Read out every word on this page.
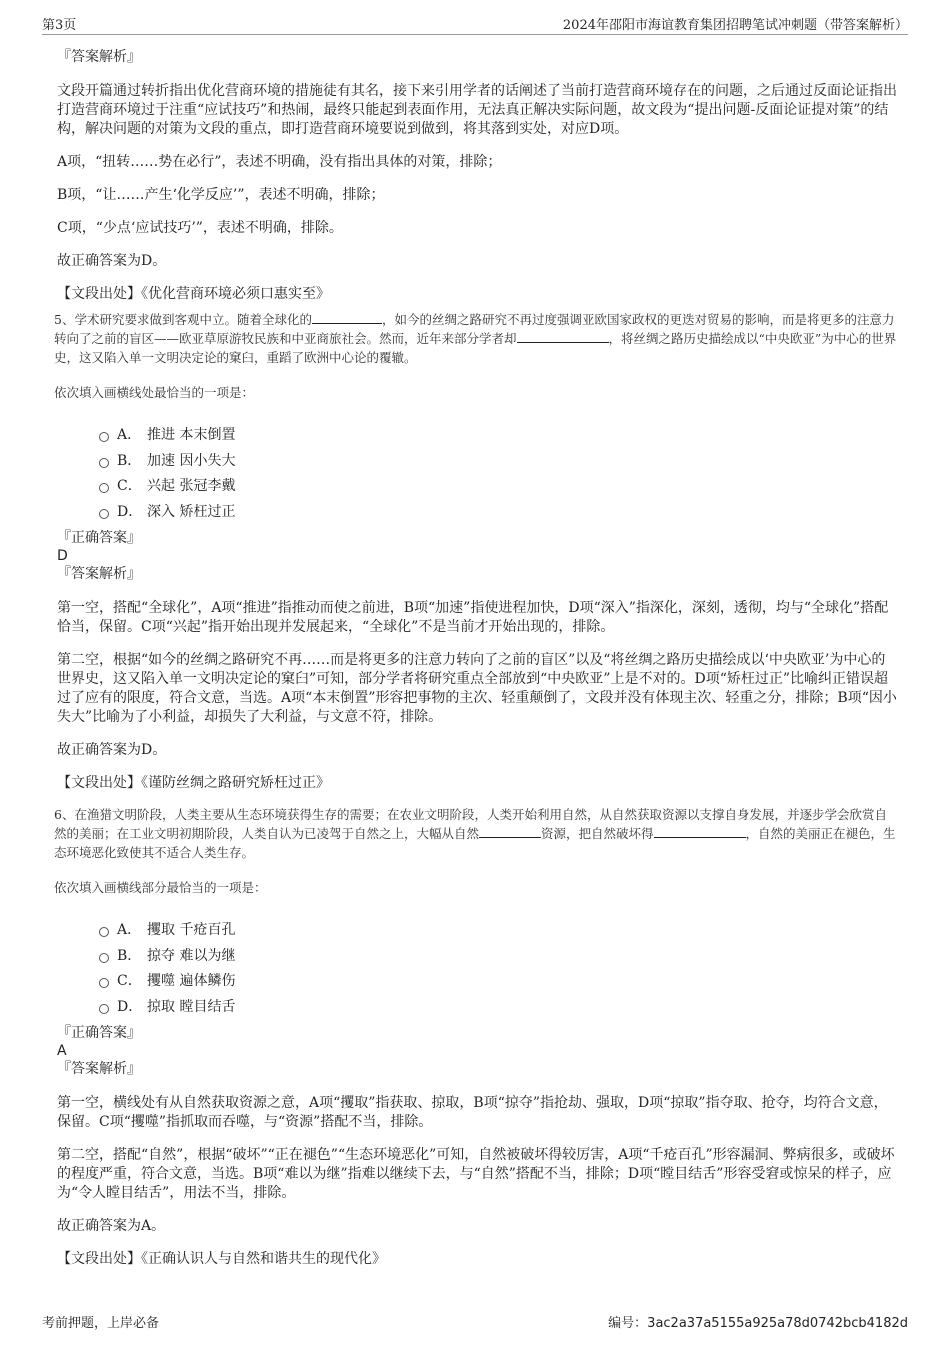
第3页	2024年邵阳市海谊教育集团招聘笔试冲刺题（带答案解析）

『答案解析』

文段开篇通过转折指出优化营商环境的措施徒有其名，接下来引用学者的话阐述了当前打造营商环境存在的问题，之后通过反面论证指出打造营商环境过于注重“应试技巧”和热闹，最终只能起到表面作用，无法真正解决实际问题，故文段为“提出问题-反面论证提对策”的结构，解决问题的对策为文段的重点，即打造营商环境要说到做到，将其落到实处，对应D项。

A项，“扭转……势在必行”，表述不明确，没有指出具体的对策，排除；

B项，“让……产生‘化学反应’”，表述不明确，排除；

C项，“少点‘应试技巧’”，表述不明确，排除。

故正确答案为D。

【文段出处】《优化营商环境必须口惠实至》

5、学术研究要求做到客观中立。随着全球化的	，如今的丝绸之路研究不再过度强调亚欧国家政权的更迭对贸易的影响，而是将更多的注意力转向了之前的盲区——欧亚草原游牧民族和中亚商旅社会。然而，近年来部分学者却	，将丝绸之路历史描绘成以“中央欧亚”为中心的世界史，这又陷入单一文明决定论的窠臼，重蹈了欧洲中心论的覆辙。

依次填入画横线处最恰当的一项是：

A． 推进 本末倒置
B． 加速 因小失大
C． 兴起 张冠李戴
D． 深入 矫枉过正

『正确答案』

D

『答案解析』

第一空，搭配“全球化”，A项“推进”指推动而使之前进，B项“加速”指使进程加快，D项“深入”指深化，深刻，透彻，均与“全球化”搭配恰当，保留。C项“兴起”指开始出现并发展起来，“全球化”不是当前才开始出现的，排除。

第二空，根据“如今的丝绸之路研究不再……而是将更多的注意力转向了之前的盲区”以及“将丝绸之路历史描绘成以‘中央欧亚’为中心的世界史，这又陷入单一文明决定论的窠臼”可知，部分学者将研究重点全部放到“中央欧亚”上是不对的。D项“矫枉过正”比喻纠正错误超过了应有的限度，符合文意，当选。A项“本末倒置”形容把事物的主次、轻重颠倒了，文段并没有体现主次、轻重之分，排除；B项“因小失大”比喻为了小利益，却损失了大利益，与文意不符，排除。

故正确答案为D。

【文段出处】《谨防丝绸之路研究矫枉过正》

6、在渔猎文明阶段，人类主要从生态环境获得生存的需要；在农业文明阶段，人类开始利用自然，从自然获取资源以支撑自身发展，并逐步学会欣赏自然的美丽；在工业文明初期阶段，人类自认为已凌驾于自然之上，大幅从自然	资源，把自然破坏得	，自然的美丽正在褪色，生态环境恶化致使其不适合人类生存。

依次填入画横线部分最恰当的一项是：

A． 攫取 千疮百孔
B． 掠夺 难以为继
C． 攫噬 遍体鳞伤
D． 掠取 瞠目结舌

『正确答案』

A

『答案解析』

第一空，横线处有从自然获取资源之意，A项“攫取”指获取、掠取，B项“掠夺”指抢劫、强取，D项“掠取”指夺取、抢夺，均符合文意，保留。C项“攫噬”指抓取而吞噬，与“资源”搭配不当，排除。

第二空，搭配“自然”，根据“破坏”“正在褪色”“生态环境恶化”可知，自然被破坏得较厉害，A项“千疮百孔”形容漏洞、弊病很多，或破坏的程度严重，符合文意，当选。B项“难以为继”指难以继续下去，与“自然”搭配不当，排除；D项“瞠目结舌”形容受窘或惊呆的样子，应为“令人瞠目结舌”，用法不当，排除。

故正确答案为A。

【文段出处】《正确认识人与自然和谐共生的现代化》

考前押题，上岸必备	编号：3ac2a37a5155a925a78d0742bcb4182d
